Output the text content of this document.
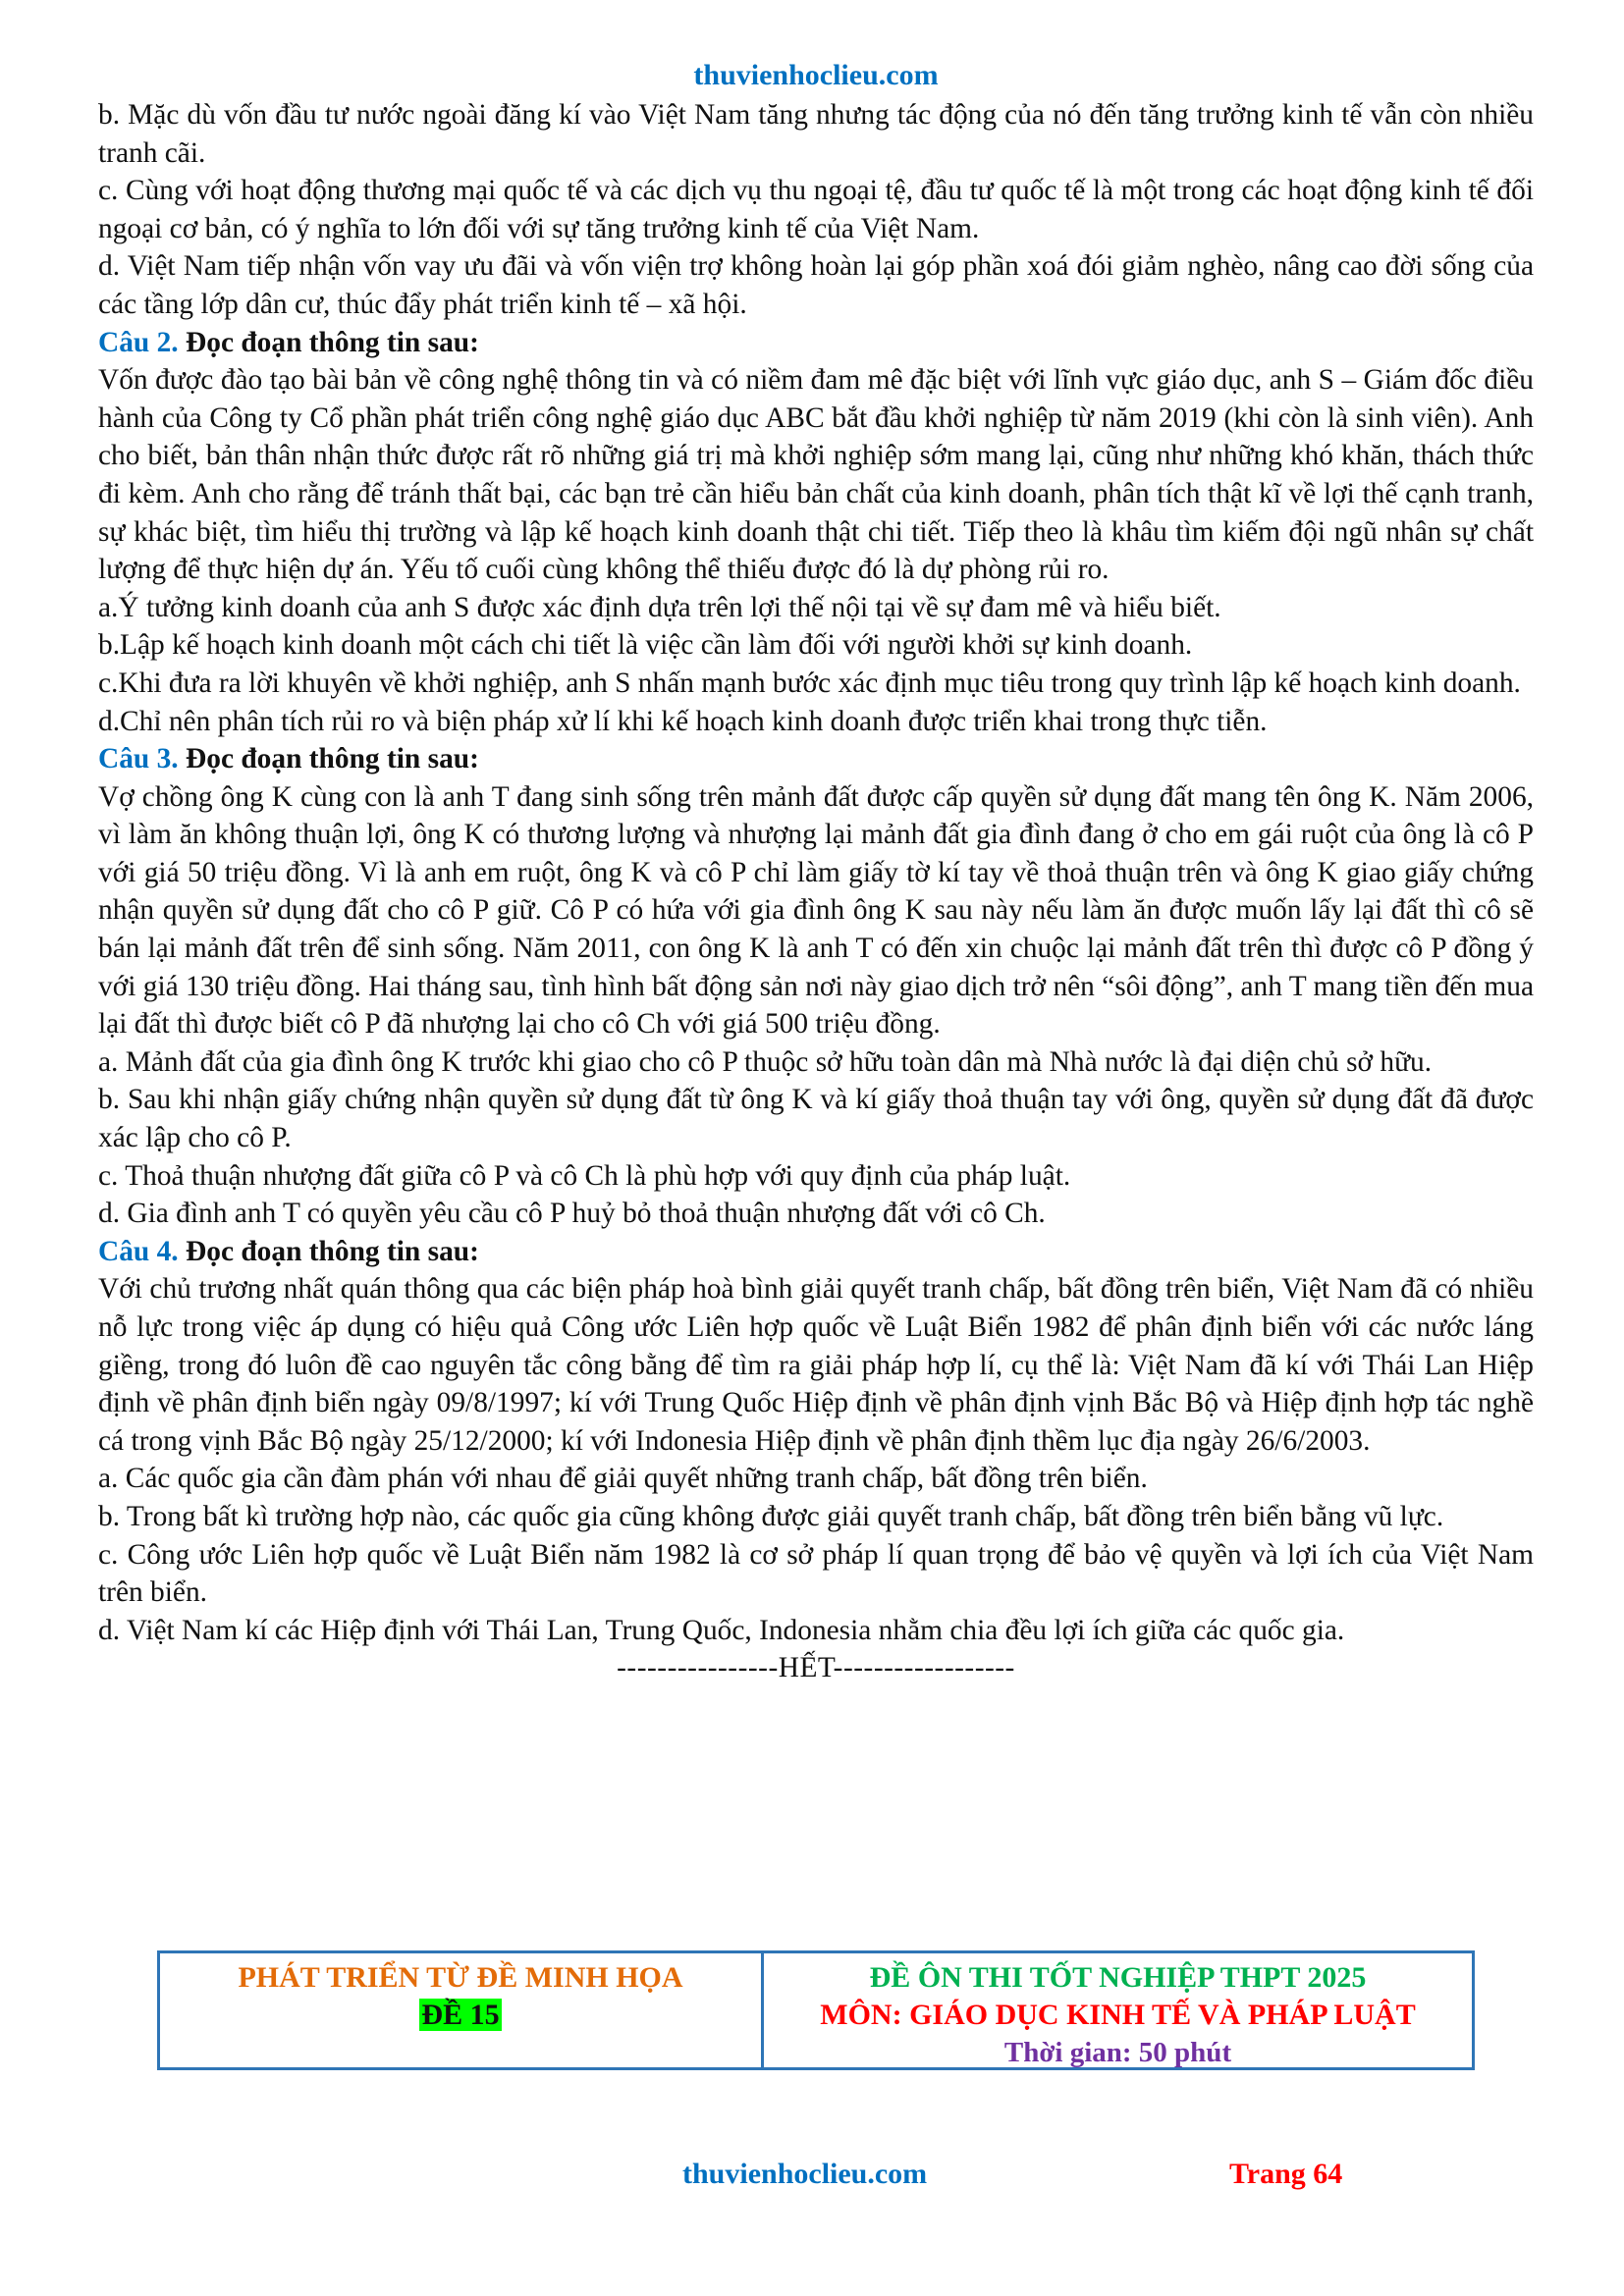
thuvienhoclieu.com

b. Mặc dù vốn đầu tư nước ngoài đăng kí vào Việt Nam tăng nhưng tác động của nó đến tăng trưởng kinh tế vẫn còn nhiều tranh cãi.

c. Cùng với hoạt động thương mại quốc tế và các dịch vụ thu ngoại tệ, đầu tư quốc tế là một trong các hoạt động kinh tế đối ngoại cơ bản, có ý nghĩa to lớn đối với sự tăng trưởng kinh tế của Việt Nam.

d. Việt Nam tiếp nhận vốn vay ưu đãi và vốn viện trợ không hoàn lại góp phần xoá đói giảm nghèo, nâng cao đời sống của các tầng lớp dân cư, thúc đẩy phát triển kinh tế – xã hội.

Câu 2. Đọc đoạn thông tin sau:

Vốn được đào tạo bài bản về công nghệ thông tin và có niềm đam mê đặc biệt với lĩnh vực giáo dục, anh S – Giám đốc điều hành của Công ty Cổ phần phát triển công nghệ giáo dục ABC bắt đầu khởi nghiệp từ năm 2019 (khi còn là sinh viên). Anh cho biết, bản thân nhận thức được rất rõ những giá trị mà khởi nghiệp sớm mang lại, cũng như những khó khăn, thách thức đi kèm. Anh cho rằng để tránh thất bại, các bạn trẻ cần hiểu bản chất của kinh doanh, phân tích thật kĩ về lợi thế cạnh tranh, sự khác biệt, tìm hiểu thị trường và lập kế hoạch kinh doanh thật chi tiết. Tiếp theo là khâu tìm kiếm đội ngũ nhân sự chất lượng để thực hiện dự án. Yếu tố cuối cùng không thể thiếu được đó là dự phòng rủi ro.

a.Ý tưởng kinh doanh của anh S được xác định dựa trên lợi thế nội tại về sự đam mê và hiểu biết.

b.Lập kế hoạch kinh doanh một cách chi tiết là việc cần làm đối với người khởi sự kinh doanh.

c.Khi đưa ra lời khuyên về khởi nghiệp, anh S nhấn mạnh bước xác định mục tiêu trong quy trình lập kế hoạch kinh doanh.

d.Chỉ nên phân tích rủi ro và biện pháp xử lí khi kế hoạch kinh doanh được triển khai trong thực tiễn.

Câu 3. Đọc đoạn thông tin sau:

Vợ chồng ông K cùng con là anh T đang sinh sống trên mảnh đất được cấp quyền sử dụng đất mang tên ông K. Năm 2006, vì làm ăn không thuận lợi, ông K có thương lượng và nhượng lại mảnh đất gia đình đang ở cho em gái ruột của ông là cô P với giá 50 triệu đồng. Vì là anh em ruột, ông K và cô P chỉ làm giấy tờ kí tay về thoả thuận trên và ông K giao giấy chứng nhận quyền sử dụng đất cho cô P giữ. Cô P có hứa với gia đình ông K sau này nếu làm ăn được muốn lấy lại đất thì cô sẽ bán lại mảnh đất trên để sinh sống. Năm 2011, con ông K là anh T có đến xin chuộc lại mảnh đất trên thì được cô P đồng ý với giá 130 triệu đồng. Hai tháng sau, tình hình bất động sản nơi này giao dịch trở nên “sôi động”, anh T mang tiền đến mua lại đất thì được biết cô P đã nhượng lại cho cô Ch với giá 500 triệu đồng.

a. Mảnh đất của gia đình ông K trước khi giao cho cô P thuộc sở hữu toàn dân mà Nhà nước là đại diện chủ sở hữu.

b. Sau khi nhận giấy chứng nhận quyền sử dụng đất từ ông K và kí giấy thoả thuận tay với ông, quyền sử dụng đất đã được xác lập cho cô P.

c. Thoả thuận nhượng đất giữa cô P và cô Ch là phù hợp với quy định của pháp luật.

d. Gia đình anh T có quyền yêu cầu cô P huỷ bỏ thoả thuận nhượng đất với cô Ch.

Câu 4. Đọc đoạn thông tin sau:

Với chủ trương nhất quán thông qua các biện pháp hoà bình giải quyết tranh chấp, bất đồng trên biển, Việt Nam đã có nhiều nỗ lực trong việc áp dụng có hiệu quả Công ước Liên hợp quốc về Luật Biển 1982 để phân định biển với các nước láng giềng, trong đó luôn đề cao nguyên tắc công bằng để tìm ra giải pháp hợp lí, cụ thể là: Việt Nam đã kí với Thái Lan Hiệp định về phân định biển ngày 09/8/1997; kí với Trung Quốc Hiệp định về phân định vịnh Bắc Bộ và Hiệp định hợp tác nghề cá trong vịnh Bắc Bộ ngày 25/12/2000; kí với Indonesia Hiệp định về phân định thềm lục địa ngày 26/6/2003.

a. Các quốc gia cần đàm phán với nhau để giải quyết những tranh chấp, bất đồng trên biển.

b. Trong bất kì trường hợp nào, các quốc gia cũng không được giải quyết tranh chấp, bất đồng trên biển bằng vũ lực.

c. Công ước Liên hợp quốc về Luật Biển năm 1982 là cơ sở pháp lí quan trọng để bảo vệ quyền và lợi ích của Việt Nam trên biển.

d. Việt Nam kí các Hiệp định với Thái Lan, Trung Quốc, Indonesia nhằm chia đều lợi ích giữa các quốc gia.

----------------HẾT------------------

PHÁT TRIỂN TỪ ĐỀ MINH HỌA
ĐỀ 15
ĐỀ ÔN THI TỐT NGHIỆP THPT 2025
MÔN: GIÁO DỤC KINH TẾ VÀ PHÁP LUẬT
Thời gian: 50 phút
thuvienhoclieu.com	Trang 64
